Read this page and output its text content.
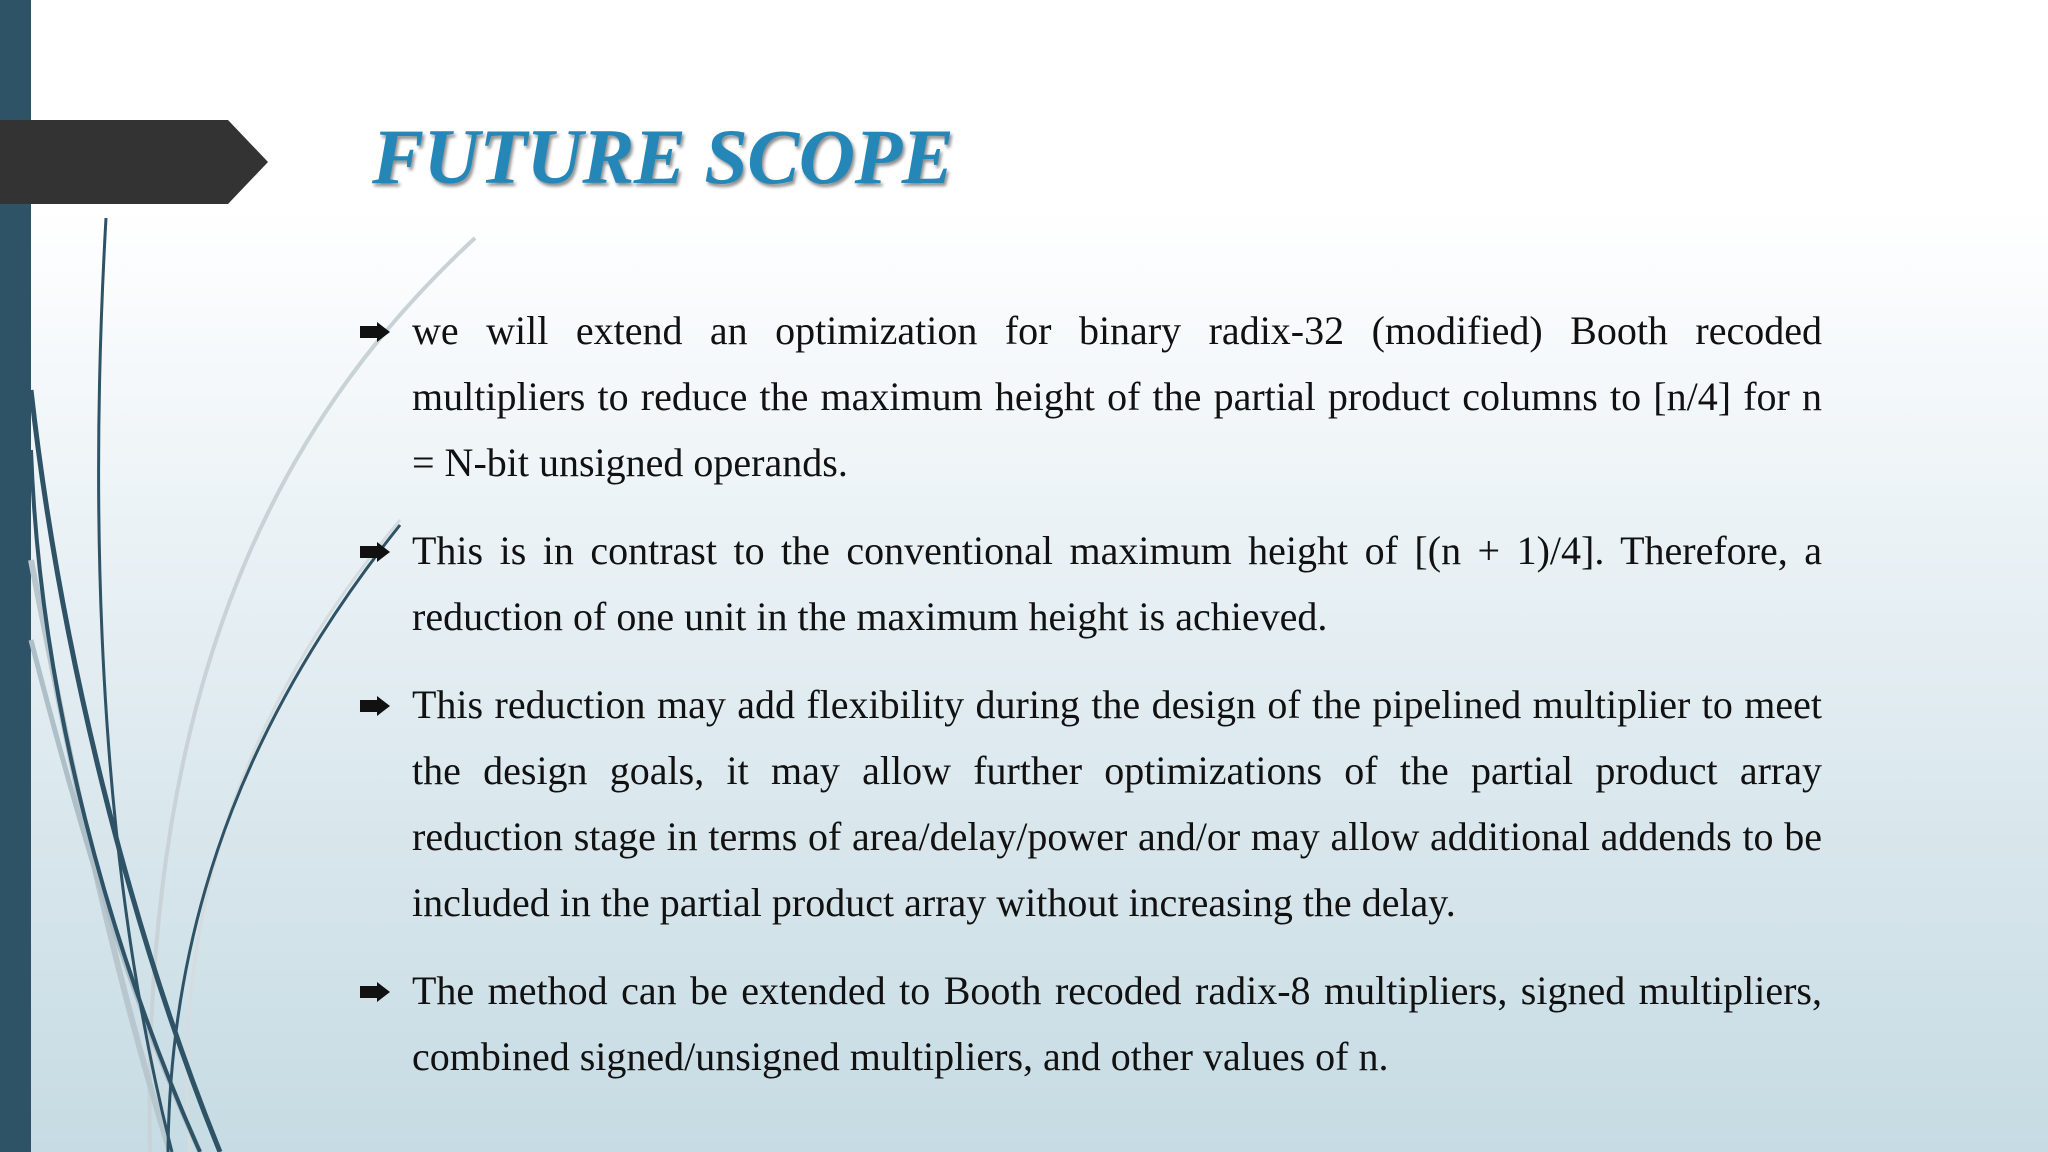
FUTURE SCOPE
we will extend an optimization for binary radix-32 (modified) Booth recoded multipliers to reduce the maximum height of the partial product columns to [n/4] for n = N-bit unsigned operands.
This is in contrast to the conventional maximum height of [(n + 1)/4]. Therefore, a reduction of one unit in the maximum height is achieved.
This reduction may add flexibility during the design of the pipelined multiplier to meet the design goals, it may allow further optimizations of the partial product array reduction stage in terms of area/delay/power and/or may allow additional addends to be included in the partial product array without increasing the delay.
The method can be extended to Booth recoded radix-8 multipliers, signed multipliers, combined signed/unsigned multipliers, and other values of n.
